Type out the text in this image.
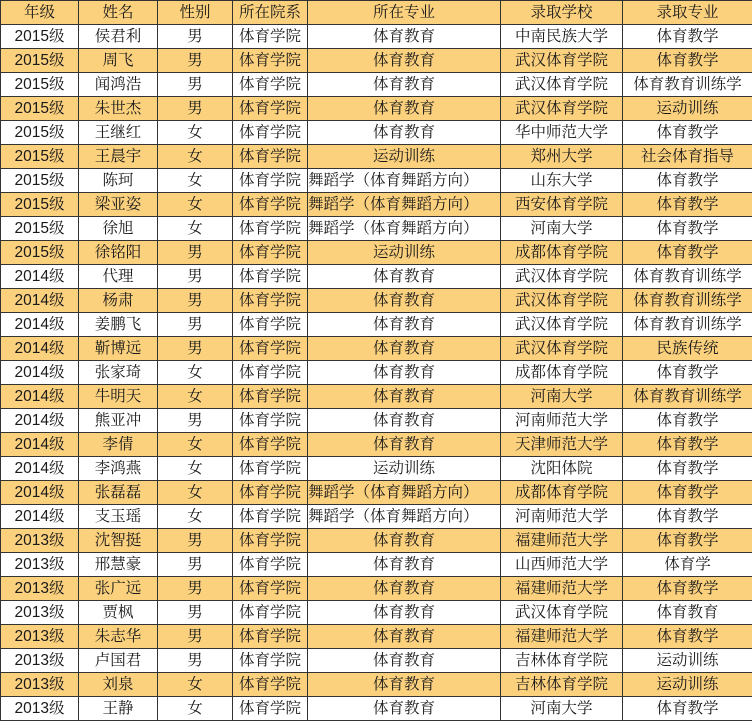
年级	姓名	性别	所在院系	所在专业	录取学校	录取专业
2015级	侯君利	男	体育学院	体育教育	中南民族大学	体育教学
2015级	周飞	男	体育学院	体育教育	武汉体育学院	体育教学
2015级	闻鸿浩	男	体育学院	体育教育	武汉体育学院	体育教育训练学
2015级	朱世杰	男	体育学院	体育教育	武汉体育学院	运动训练
2015级	王继红	女	体育学院	体育教育	华中师范大学	体育教学
2015级	王晨宇	女	体育学院	运动训练	郑州大学	社会体育指导
2015级	陈珂	女	体育学院	舞蹈学（体育舞蹈方向）	山东大学	体育教学
2015级	梁亚姿	女	体育学院	舞蹈学（体育舞蹈方向）	西安体育学院	体育教学
2015级	徐旭	女	体育学院	舞蹈学（体育舞蹈方向）	河南大学	体育教学
2015级	徐铭阳	男	体育学院	运动训练	成都体育学院	体育教学
2014级	代理	男	体育学院	体育教育	武汉体育学院	体育教育训练学
2014级	杨肃	男	体育学院	体育教育	武汉体育学院	体育教育训练学
2014级	姜鹏飞	男	体育学院	体育教育	武汉体育学院	体育教育训练学
2014级	靳博远	男	体育学院	体育教育	武汉体育学院	民族传统
2014级	张家琦	女	体育学院	体育教育	成都体育学院	体育教学
2014级	牛明天	女	体育学院	体育教育	河南大学	体育教育训练学
2014级	熊亚冲	男	体育学院	体育教育	河南师范大学	体育教学
2014级	李倩	女	体育学院	体育教育	天津师范大学	体育教学
2014级	李鸿燕	女	体育学院	运动训练	沈阳体院	体育教学
2014级	张磊磊	女	体育学院	舞蹈学（体育舞蹈方向）	成都体育学院	体育教学
2014级	支玉瑶	女	体育学院	舞蹈学（体育舞蹈方向）	河南师范大学	体育教学
2013级	沈智挺	男	体育学院	体育教育	福建师范大学	体育教学
2013级	邢慧豪	男	体育学院	体育教育	山西师范大学	体育学
2013级	张广远	男	体育学院	体育教育	福建师范大学	体育教学
2013级	贾枫	男	体育学院	体育教育	武汉体育学院	体育教育
2013级	朱志华	男	体育学院	体育教育	福建师范大学	体育教学
2013级	卢国君	男	体育学院	体育教育	吉林体育学院	运动训练
2013级	刘泉	女	体育学院	体育教育	吉林体育学院	运动训练
2013级	王静	女	体育学院	体育教育	河南大学	体育教学
